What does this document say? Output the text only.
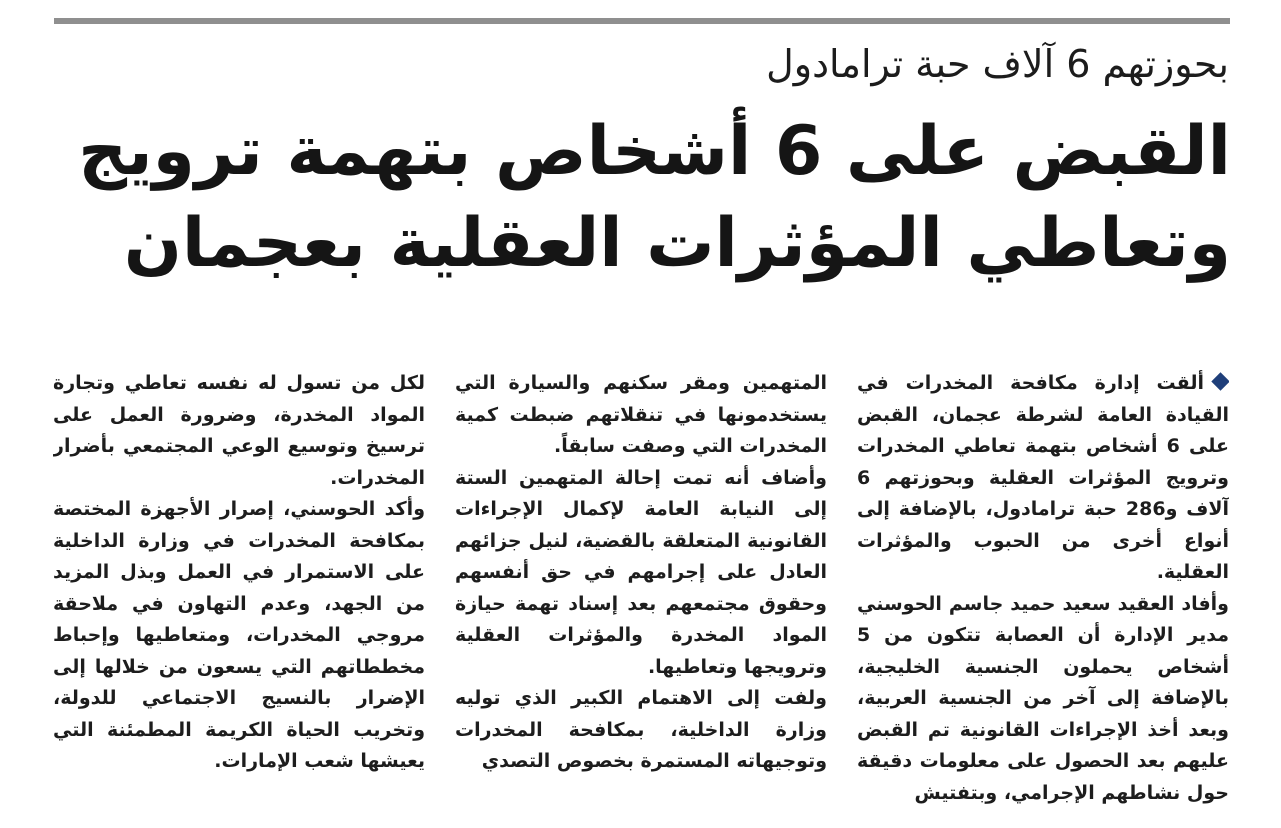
بحوزتهم 6 آلاف حبة ترامادول
القبض على 6 أشخاص بتهمة ترويج
وتعاطي المؤثرات العقلية بعجمان

ألقت إدارة مكافحة المخدرات في القيادة العامة لشرطة عجمان، القبض على 6 أشخاص بتهمة تعاطي المخدرات وترويج المؤثرات العقلية وبحوزتهم 6 آلاف و286 حبة ترامادول، بالإضافة إلى أنواع أخرى من الحبوب والمؤثرات العقلية.

وأفاد العقيد سعيد حميد جاسم الحوسني مدير الإدارة أن العصابة تتكون من 5 أشخاص يحملون الجنسية الخليجية، بالإضافة إلى آخر من الجنسية العربية، وبعد أخذ الإجراءات القانونية تم القبض عليهم بعد الحصول على معلومات دقيقة حول نشاطهم الإجرامي، وبتفتيش

المتهمين ومقر سكنهم والسيارة التي يستخدمونها في تنقلاتهم ضبطت كمية المخدرات التي وصفت سابقاً.

وأضاف أنه تمت إحالة المتهمين الستة إلى النيابة العامة لإكمال الإجراءات القانونية المتعلقة بالقضية، لنيل جزائهم العادل على إجرامهم في حق أنفسهم وحقوق مجتمعهم بعد إسناد تهمة حيازة المواد المخدرة والمؤثرات العقلية وترويجها وتعاطيها.

ولفت إلى الاهتمام الكبير الذي توليه وزارة الداخلية، بمكافحة المخدرات وتوجيهاته المستمرة بخصوص التصدي

لكل من تسول له نفسه تعاطي وتجارة المواد المخدرة، وضرورة العمل على ترسيخ وتوسيع الوعي المجتمعي بأضرار المخدرات.

وأكد الحوسني، إصرار الأجهزة المختصة بمكافحة المخدرات في وزارة الداخلية على الاستمرار في العمل وبذل المزيد من الجهد، وعدم التهاون في ملاحقة مروجي المخدرات، ومتعاطيها وإحباط مخططاتهم التي يسعون من خلالها إلى الإضرار بالنسيج الاجتماعي للدولة، وتخريب الحياة الكريمة المطمئنة التي يعيشها شعب الإمارات.
